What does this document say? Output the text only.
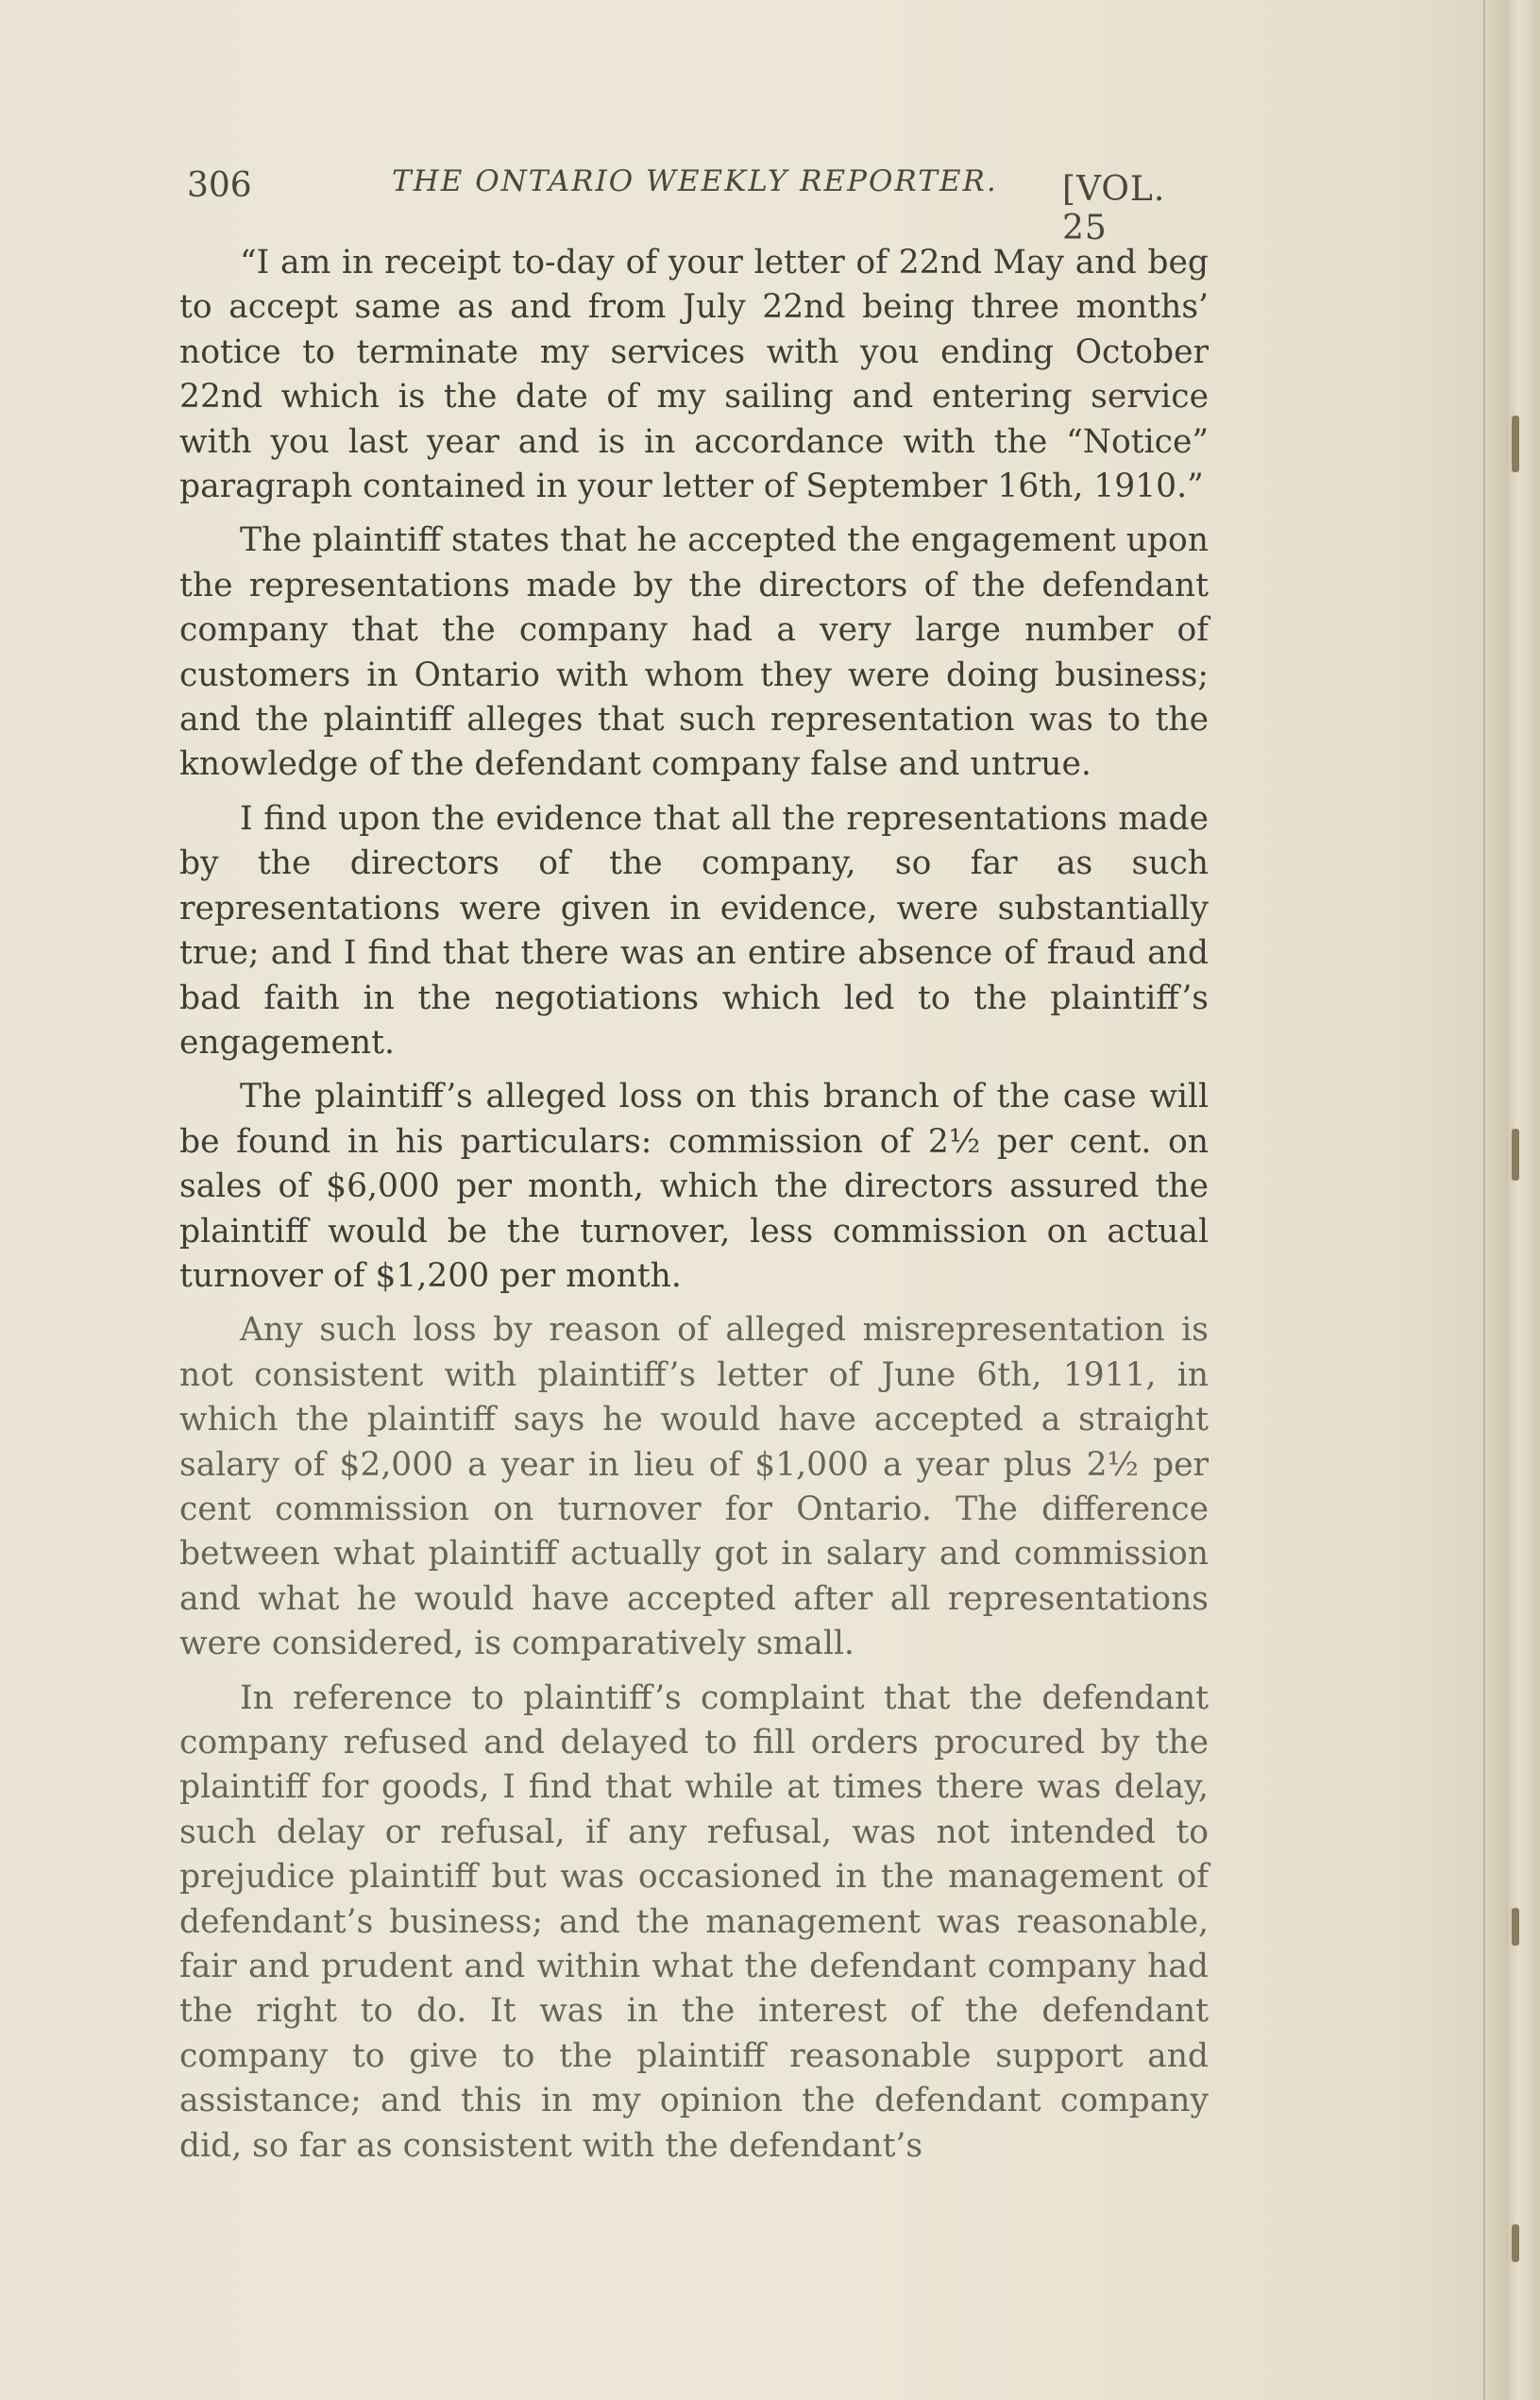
306	THE ONTARIO WEEKLY REPORTER. [VOL. 25

“I am in receipt to-day of your letter of 22nd May and beg to accept same as and from July 22nd being three months’ notice to terminate my services with you ending October 22nd which is the date of my sailing and entering service with you last year and is in accordance with the “Notice” paragraph contained in your letter of September 16th, 1910.”

The plaintiff states that he accepted the engagement upon the representations made by the directors of the defendant company that the company had a very large number of customers in Ontario with whom they were doing business; and the plaintiff alleges that such representation was to the knowledge of the defendant company false and untrue.

I find upon the evidence that all the representations made by the directors of the company, so far as such representations were given in evidence, were substantially true; and I find that there was an entire absence of fraud and bad faith in the negotiations which led to the plaintiff’s engagement.

The plaintiff’s alleged loss on this branch of the case will be found in his particulars: commission of 2½ per cent. on sales of $6,000 per month, which the directors assured the plaintiff would be the turnover, less commission on actual turnover of $1,200 per month.

Any such loss by reason of alleged misrepresentation is not consistent with plaintiff’s letter of June 6th, 1911, in which the plaintiff says he would have accepted a straight salary of $2,000 a year in lieu of $1,000 a year plus 2½ per cent commission on turnover for Ontario. The difference between what plaintiff actually got in salary and commission and what he would have accepted after all representations were considered, is comparatively small.

In reference to plaintiff’s complaint that the defendant company refused and delayed to fill orders procured by the plaintiff for goods, I find that while at times there was delay, such delay or refusal, if any refusal, was not intended to prejudice plaintiff but was occasioned in the management of defendant’s business; and the management was reasonable, fair and prudent and within what the defendant company had the right to do. It was in the interest of the defendant company to give to the plaintiff reasonable support and assistance; and this in my opinion the defendant company did, so far as consistent with the defendant’s
